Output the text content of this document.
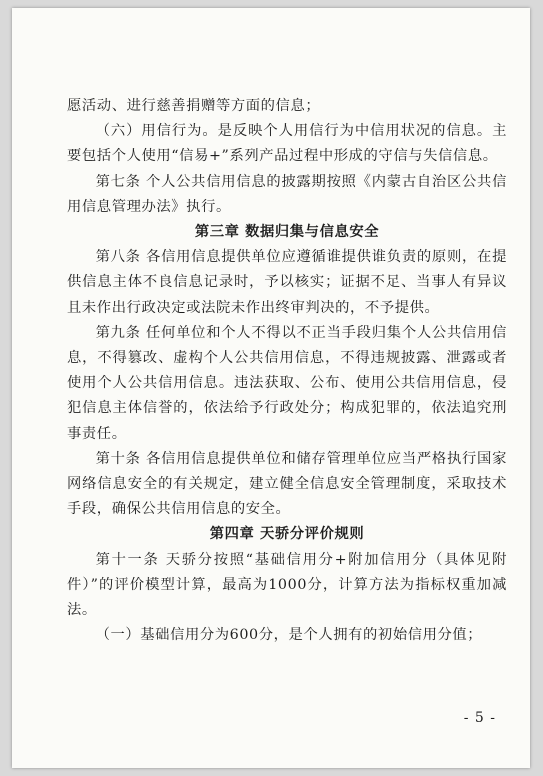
愿活动、进行慈善捐赠等方面的信息；

（六）用信行为。是反映个人用信行为中信用状况的信息。主要包括个人使用“信易+”系列产品过程中形成的守信与失信信息。

第七条 个人公共信用信息的披露期按照《内蒙古自治区公共信用信息管理办法》执行。

第三章 数据归集与信息安全

第八条 各信用信息提供单位应遵循谁提供谁负责的原则，在提供信息主体不良信息记录时，予以核实；证据不足、当事人有异议且未作出行政决定或法院未作出终审判决的，不予提供。

第九条 任何单位和个人不得以不正当手段归集个人公共信用信息，不得篡改、虚构个人公共信用信息，不得违规披露、泄露或者使用个人公共信用信息。违法获取、公布、使用公共信用信息，侵犯信息主体信誉的，依法给予行政处分；构成犯罪的，依法追究刑事责任。

第十条 各信用信息提供单位和储存管理单位应当严格执行国家网络信息安全的有关规定，建立健全信息安全管理制度，采取技术手段，确保公共信用信息的安全。

第四章 天骄分评价规则

第十一条 天骄分按照“基础信用分+附加信用分（具体见附件）”的评价模型计算，最高为1000分，计算方法为指标权重加减法。

（一）基础信用分为600分，是个人拥有的初始信用分值；

- 5 -
